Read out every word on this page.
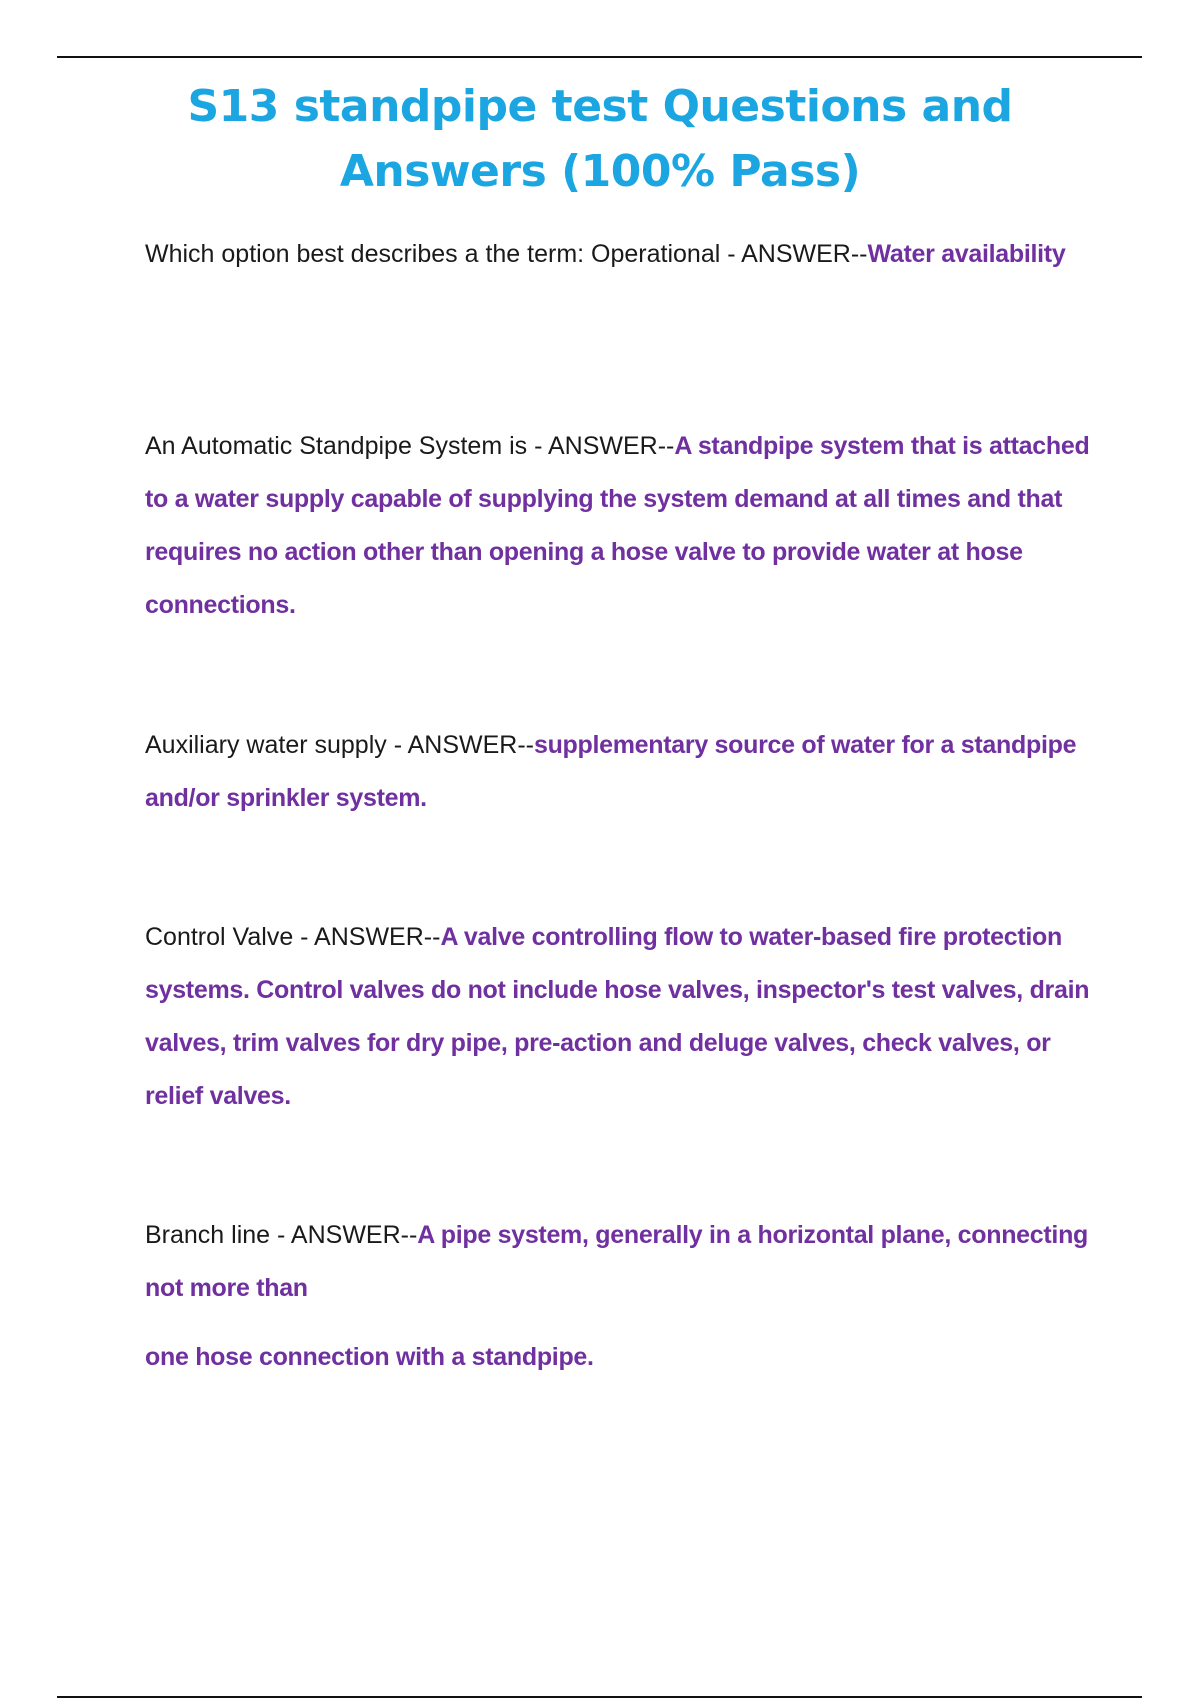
S13 standpipe test Questions and
Answers (100% Pass)

Which option best describes a the term: Operational - ANSWER--Water availability

An Automatic Standpipe System is - ANSWER--A standpipe system that is attached to a water supply capable of supplying the system demand at all times and that requires no action other than opening a hose valve to provide water at hose connections.

Auxiliary water supply - ANSWER--supplementary source of water for a standpipe and/or sprinkler system.

Control Valve - ANSWER--A valve controlling flow to water-based fire protection systems. Control valves do not include hose valves, inspector's test valves, drain valves, trim valves for dry pipe, pre-action and deluge valves, check valves, or relief valves.

Branch line - ANSWER--A pipe system, generally in a horizontal plane, connecting not more than

one hose connection with a standpipe.
